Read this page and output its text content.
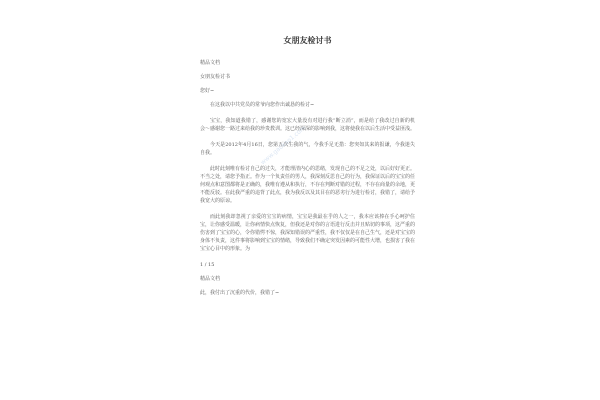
女朋友检讨书
精品文档
女朋友检讨书
您好~
在这我以中共党员的常爷向您作出诚恳的检讨~
宝宝，我知道我错了，感谢您的宽宏大量没有对进行我“断立消”，而是给了我改过自新的机会～感谢您一路过来给我的珍贵教训。这已经深深的影响到我，这将使我在以后生活中受益匪浅。
今天是2012年4月16日，您第五次生我的气，今我手足无措：您突如其来的报谦，今我迷失自我。
此时此刻唯有检讨自己的过失，才能理清内心的思绪，发现自己的不足之处，以后好好更正。不当之处，请您予指正。作为一个负责任的男人，我深刻反思自己的行为，我保证以后的宝宝的任何观点和意图都将是正确的，我唯有遵从和执行，不存在判断对错的过程，不存在商量的余地，更不能反驳。在此我严重的违背了此点，我为我反以及其目在的恶劣行为进行检讨，我错了，请给予我宽大的原谅。
而此刻我却忽视了亲爱的宝宝的病情，宝宝是我最在乎的人之一，我本应该捧在手心呵护住宝，让你感受温暖，让你病情快点恢复，但我还是对你的言语进行反击并且贴切的事项，这严重的伤害到了宝宝的心，令你错愕不惊，我深知错误的严重性，我不仅仅是在自己生气，还是对宝宝的身体不负责，这件事将影响到宝宝的情绪，导致我们不确定突发因素的可能性大增，也损害了我在宝宝心目中的形象。为
1 / 15
精品文档
此，我付出了沉重的代价，我错了~
www.gaokao1.com
